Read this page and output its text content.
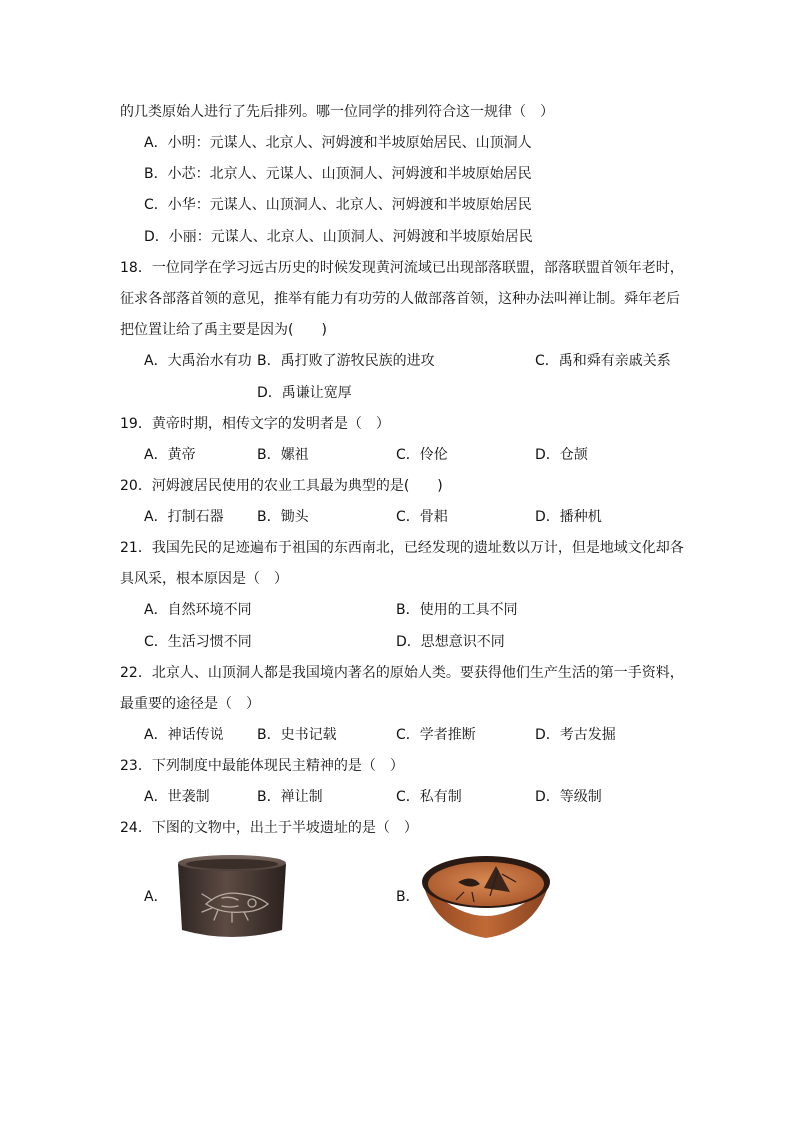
的几类原始人进行了先后排列。哪一位同学的排列符合这一规律（　）
A．小明：元谋人、北京人、河姆渡和半坡原始居民、山顶洞人
B．小芯：北京人、元谋人、山顶洞人、河姆渡和半坡原始居民
C．小华：元谋人、山顶洞人、北京人、河姆渡和半坡原始居民
D．小丽：元谋人、北京人、山顶洞人、河姆渡和半坡原始居民
18．一位同学在学习远古历史的时候发现黄河流域已出现部落联盟，部落联盟首领年老时，
征求各部落首领的意见，推举有能力有功劳的人做部落首领，这种办法叫禅让制。舜年老后
把位置让给了禹主要是因为(　　)
A．大禹治水有功 B．禹打败了游牧民族的进攻	C．禹和舜有亲戚关系
D．禹谦让宽厚
19．黄帝时期，相传文字的发明者是（　）
A．黄帝	B．嫘祖	C．伶伦	D．仓颉
20．河姆渡居民使用的农业工具最为典型的是(　　)
A．打制石器 B．锄头	C．骨耜	D．播种机
21．我国先民的足迹遍布于祖国的东西南北，已经发现的遗址数以万计，但是地域文化却各
具风采，根本原因是（　）
A．自然环境不同	B．使用的工具不同
C．生活习惯不同	D．思想意识不同
22．北京人、山顶洞人都是我国境内著名的原始人类。要获得他们生产生活的第一手资料，
最重要的途径是（　）
A．神话传说 B．史书记载	C．学者推断	D．考古发掘
23．下列制度中最能体现民主精神的是（　）
A．世袭制	B．禅让制	C．私有制	D．等级制
24．下图的文物中，出土于半坡遗址的是（　）
A．	B．
